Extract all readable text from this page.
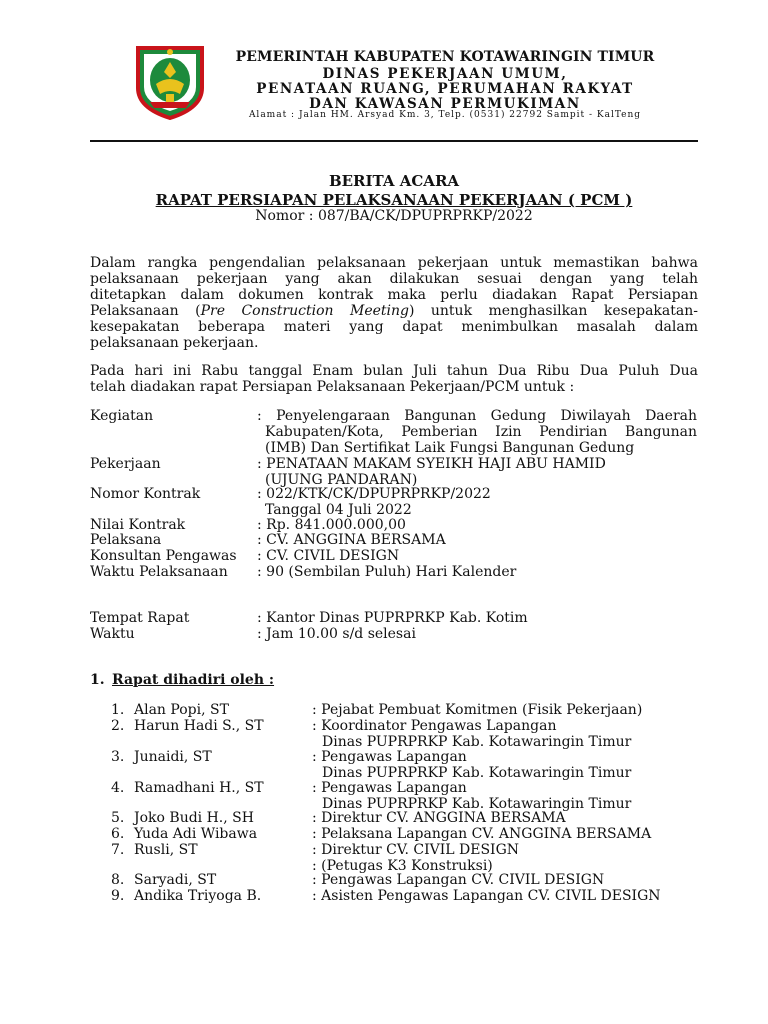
PEMERINTAH KABUPATEN KOTAWARINGIN TIMUR
DINAS PEKERJAAN UMUM,
PENATAAN RUANG, PERUMAHAN RAKYAT
DAN KAWASAN PERMUKIMAN
Alamat : Jalan HM. Arsyad Km. 3, Telp. (0531) 22792 Sampit - KalTeng
BERITA ACARA
RAPAT PERSIAPAN PELAKSANAAN PEKERJAAN ( PCM )
Nomor : 087/BA/CK/DPUPRPRKP/2022
Dalam rangka pengendalian pelaksanaan pekerjaan untuk memastikan bahwa
pelaksanaan pekerjaan yang akan dilakukan sesuai dengan yang telah
ditetapkan dalam dokumen kontrak maka perlu diadakan Rapat Persiapan
Pelaksanaan (Pre Construction Meeting) untuk menghasilkan kesepakatan-
kesepakatan beberapa materi yang dapat menimbulkan masalah dalam
pelaksanaan pekerjaan.
Pada hari ini Rabu tanggal Enam bulan Juli tahun Dua Ribu Dua Puluh Dua
telah diadakan rapat Persiapan Pelaksanaan Pekerjaan/PCM untuk :
Kegiatan	: Penyelengaraan Bangunan Gedung Diwilayah Daerah
Kabupaten/Kota, Pemberian Izin Pendirian Bangunan
(IMB) Dan Sertifikat Laik Fungsi Bangunan Gedung
Pekerjaan	: PENATAAN MAKAM SYEIKH HAJI ABU HAMID
(UJUNG PANDARAN)
Nomor Kontrak	: 022/KTK/CK/DPUPRPRKP/2022
Tanggal 04 Juli 2022
Nilai Kontrak	: Rp. 841.000.000,00
Pelaksana	: CV. ANGGINA BERSAMA
Konsultan Pengawas : CV. CIVIL DESIGN
Waktu Pelaksanaan : 90 (Sembilan Puluh) Hari Kalender
Tempat Rapat	: Kantor Dinas PUPRPRKP Kab. Kotim
Waktu	: Jam 10.00 s/d selesai
1. Rapat dihadiri oleh :
1. Alan Popi, ST	: Pejabat Pembuat Komitmen (Fisik Pekerjaan)
2. Harun Hadi S., ST	: Koordinator Pengawas Lapangan
Dinas PUPRPRKP Kab. Kotawaringin Timur
3. Junaidi, ST	: Pengawas Lapangan
Dinas PUPRPRKP Kab. Kotawaringin Timur
4. Ramadhani H., ST	: Pengawas Lapangan
Dinas PUPRPRKP Kab. Kotawaringin Timur
5. Joko Budi H., SH	: Direktur CV. ANGGINA BERSAMA
6. Yuda Adi Wibawa	: Pelaksana Lapangan CV. ANGGINA BERSAMA
7. Rusli, ST	: Direktur CV. CIVIL DESIGN
: (Petugas K3 Konstruksi)
8. Saryadi, ST	: Pengawas Lapangan CV. CIVIL DESIGN
9. Andika Triyoga B.	: Asisten Pengawas Lapangan CV. CIVIL DESIGN
